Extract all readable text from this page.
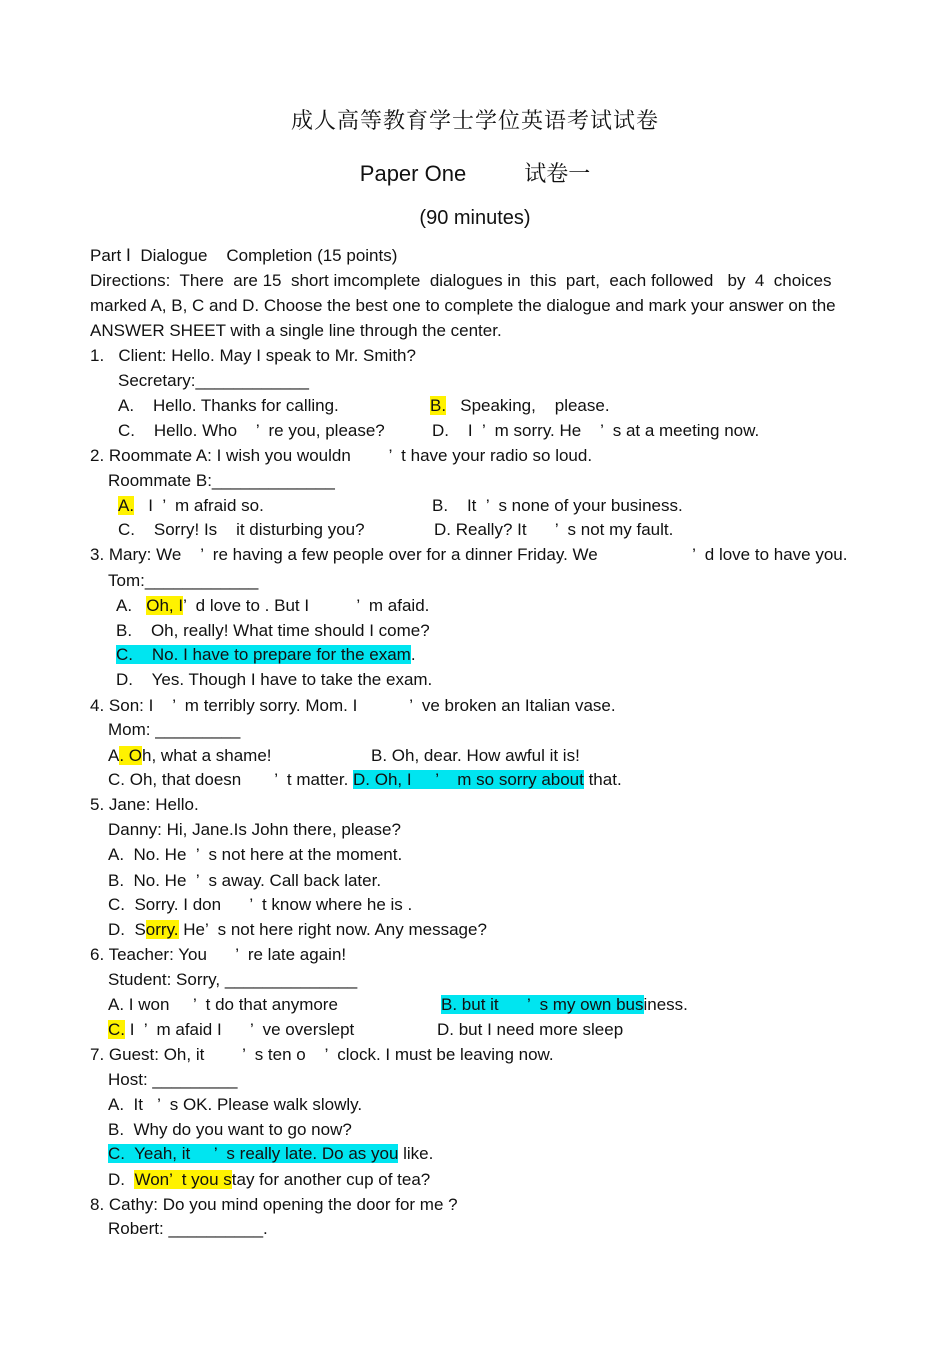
成人高等教育学士学位英语考试试卷
Paper One	试卷一
(90 minutes)
Part Ⅰ  Dialogue    Completion (15 points)
Directions:  There  are 15  short imcomplete  dialogues in  this  part,  each followed   by  4  choices
marked A, B, C and D. Choose the best one to complete the dialogue and mark your answer on the
ANSWER SHEET with a single line through the center.
1.   Client: Hello. May I speak to Mr. Smith?
Secretary:____________
A.    Hello. Thanks for calling.	B.   Speaking,    please.
C.    Hello. Who    ’  re you, please?	D.    I  ’  m sorry. He    ’  s at a meeting now.
2. Roommate A: I wish you wouldn        ’  t have your radio so loud.
Roommate B:_____________
A.   I  ’  m afraid so.	B.    It  ’  s none of your business.
C.    Sorry! Is    it disturbing you?	D. Really? It      ’  s not my fault.
3. Mary: We    ’  re having a few people over for a dinner Friday. We                    ’  d love to have you.
Tom:____________
A.   Oh, I’  d love to . But I          ’  m afaid.
B.    Oh, really! What time should I come?
C.    No. I have to prepare for the exam.
D.    Yes. Though I have to take the exam.
4. Son: I    ’  m terribly sorry. Mom. I           ’  ve broken an Italian vase.
Mom: _________
A. Oh, what a shame!	B. Oh, dear. How awful it is!
C. Oh, that doesn       ’  t matter. D. Oh, I     ’    m so sorry about that.
5. Jane: Hello.
Danny: Hi, Jane.Is John there, please?
A.  No. He  ’  s not here at the moment.
B.  No. He  ’  s away. Call back later.
C.  Sorry. I don      ’  t know where he is .
D.  Sorry. He’  s not here right now. Any message?
6. Teacher: You      ’  re late again!
Student: Sorry, ______________
A. I won     ’  t do that anymore	B. but it      ’  s my own business.
C. I  ’  m afaid I      ’  ve overslept	D. but I need more sleep
7. Guest: Oh, it        ’  s ten o    ’  clock. I must be leaving now.
Host: _________
A.  It   ’  s OK. Please walk slowly.
B.  Why do you want to go now?
C.  Yeah, it     ’  s really late. Do as you like.
D.  Won’  t you stay for another cup of tea?
8. Cathy: Do you mind opening the door for me ?
Robert: __________.
